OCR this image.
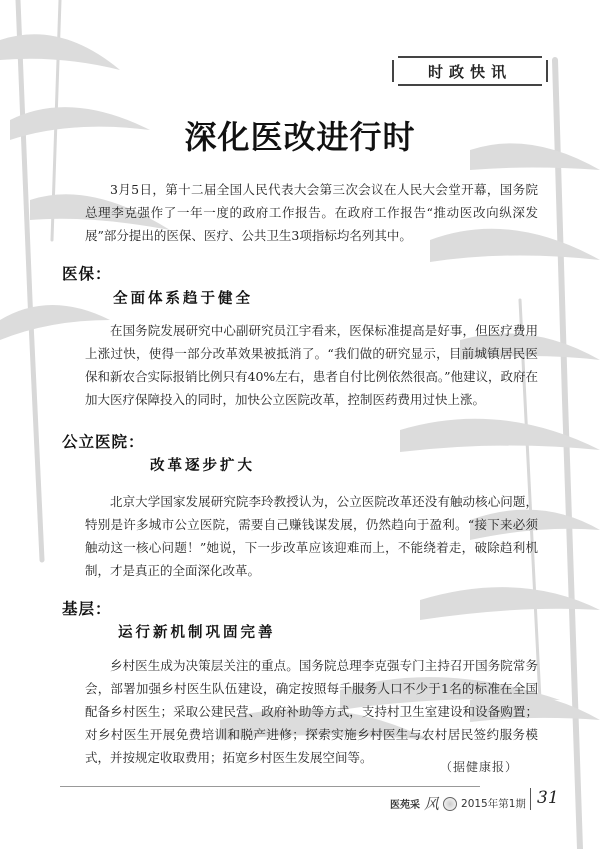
时政快讯
深化医改进行时

3月5日，第十二届全国人民代表大会第三次会议在人民大会堂开幕，国务院总理李克强作了一年一度的政府工作报告。在政府工作报告“推动医改向纵深发展”部分提出的医保、医疗、公共卫生3项指标均名列其中。

医保：
全面体系趋于健全

在国务院发展研究中心副研究员江宇看来，医保标准提高是好事，但医疗费用上涨过快，使得一部分改革效果被抵消了。“我们做的研究显示，目前城镇居民医保和新农合实际报销比例只有40%左右，患者自付比例依然很高。”他建议，政府在加大医疗保障投入的同时，加快公立医院改革，控制医药费用过快上涨。

公立医院：
改革逐步扩大

北京大学国家发展研究院李玲教授认为，公立医院改革还没有触动核心问题，特别是许多城市公立医院，需要自己赚钱谋发展，仍然趋向于盈利。“接下来必须触动这一核心问题！”她说，下一步改革应该迎难而上，不能绕着走，破除趋利机制，才是真正的全面深化改革。

基层：
运行新机制巩固完善

乡村医生成为决策层关注的重点。国务院总理李克强专门主持召开国务院常务会，部署加强乡村医生队伍建设，确定按照每千服务人口不少于1名的标准在全国配备乡村医生；采取公建民营、政府补助等方式，支持村卫生室建设和设备购置；对乡村医生开展免费培训和脱产进修；探索实施乡村医生与农村居民签约服务模式，并按规定收取费用；拓宽乡村医生发展空间等。

（据健康报）
医苑采 风 2015年第1期 31
